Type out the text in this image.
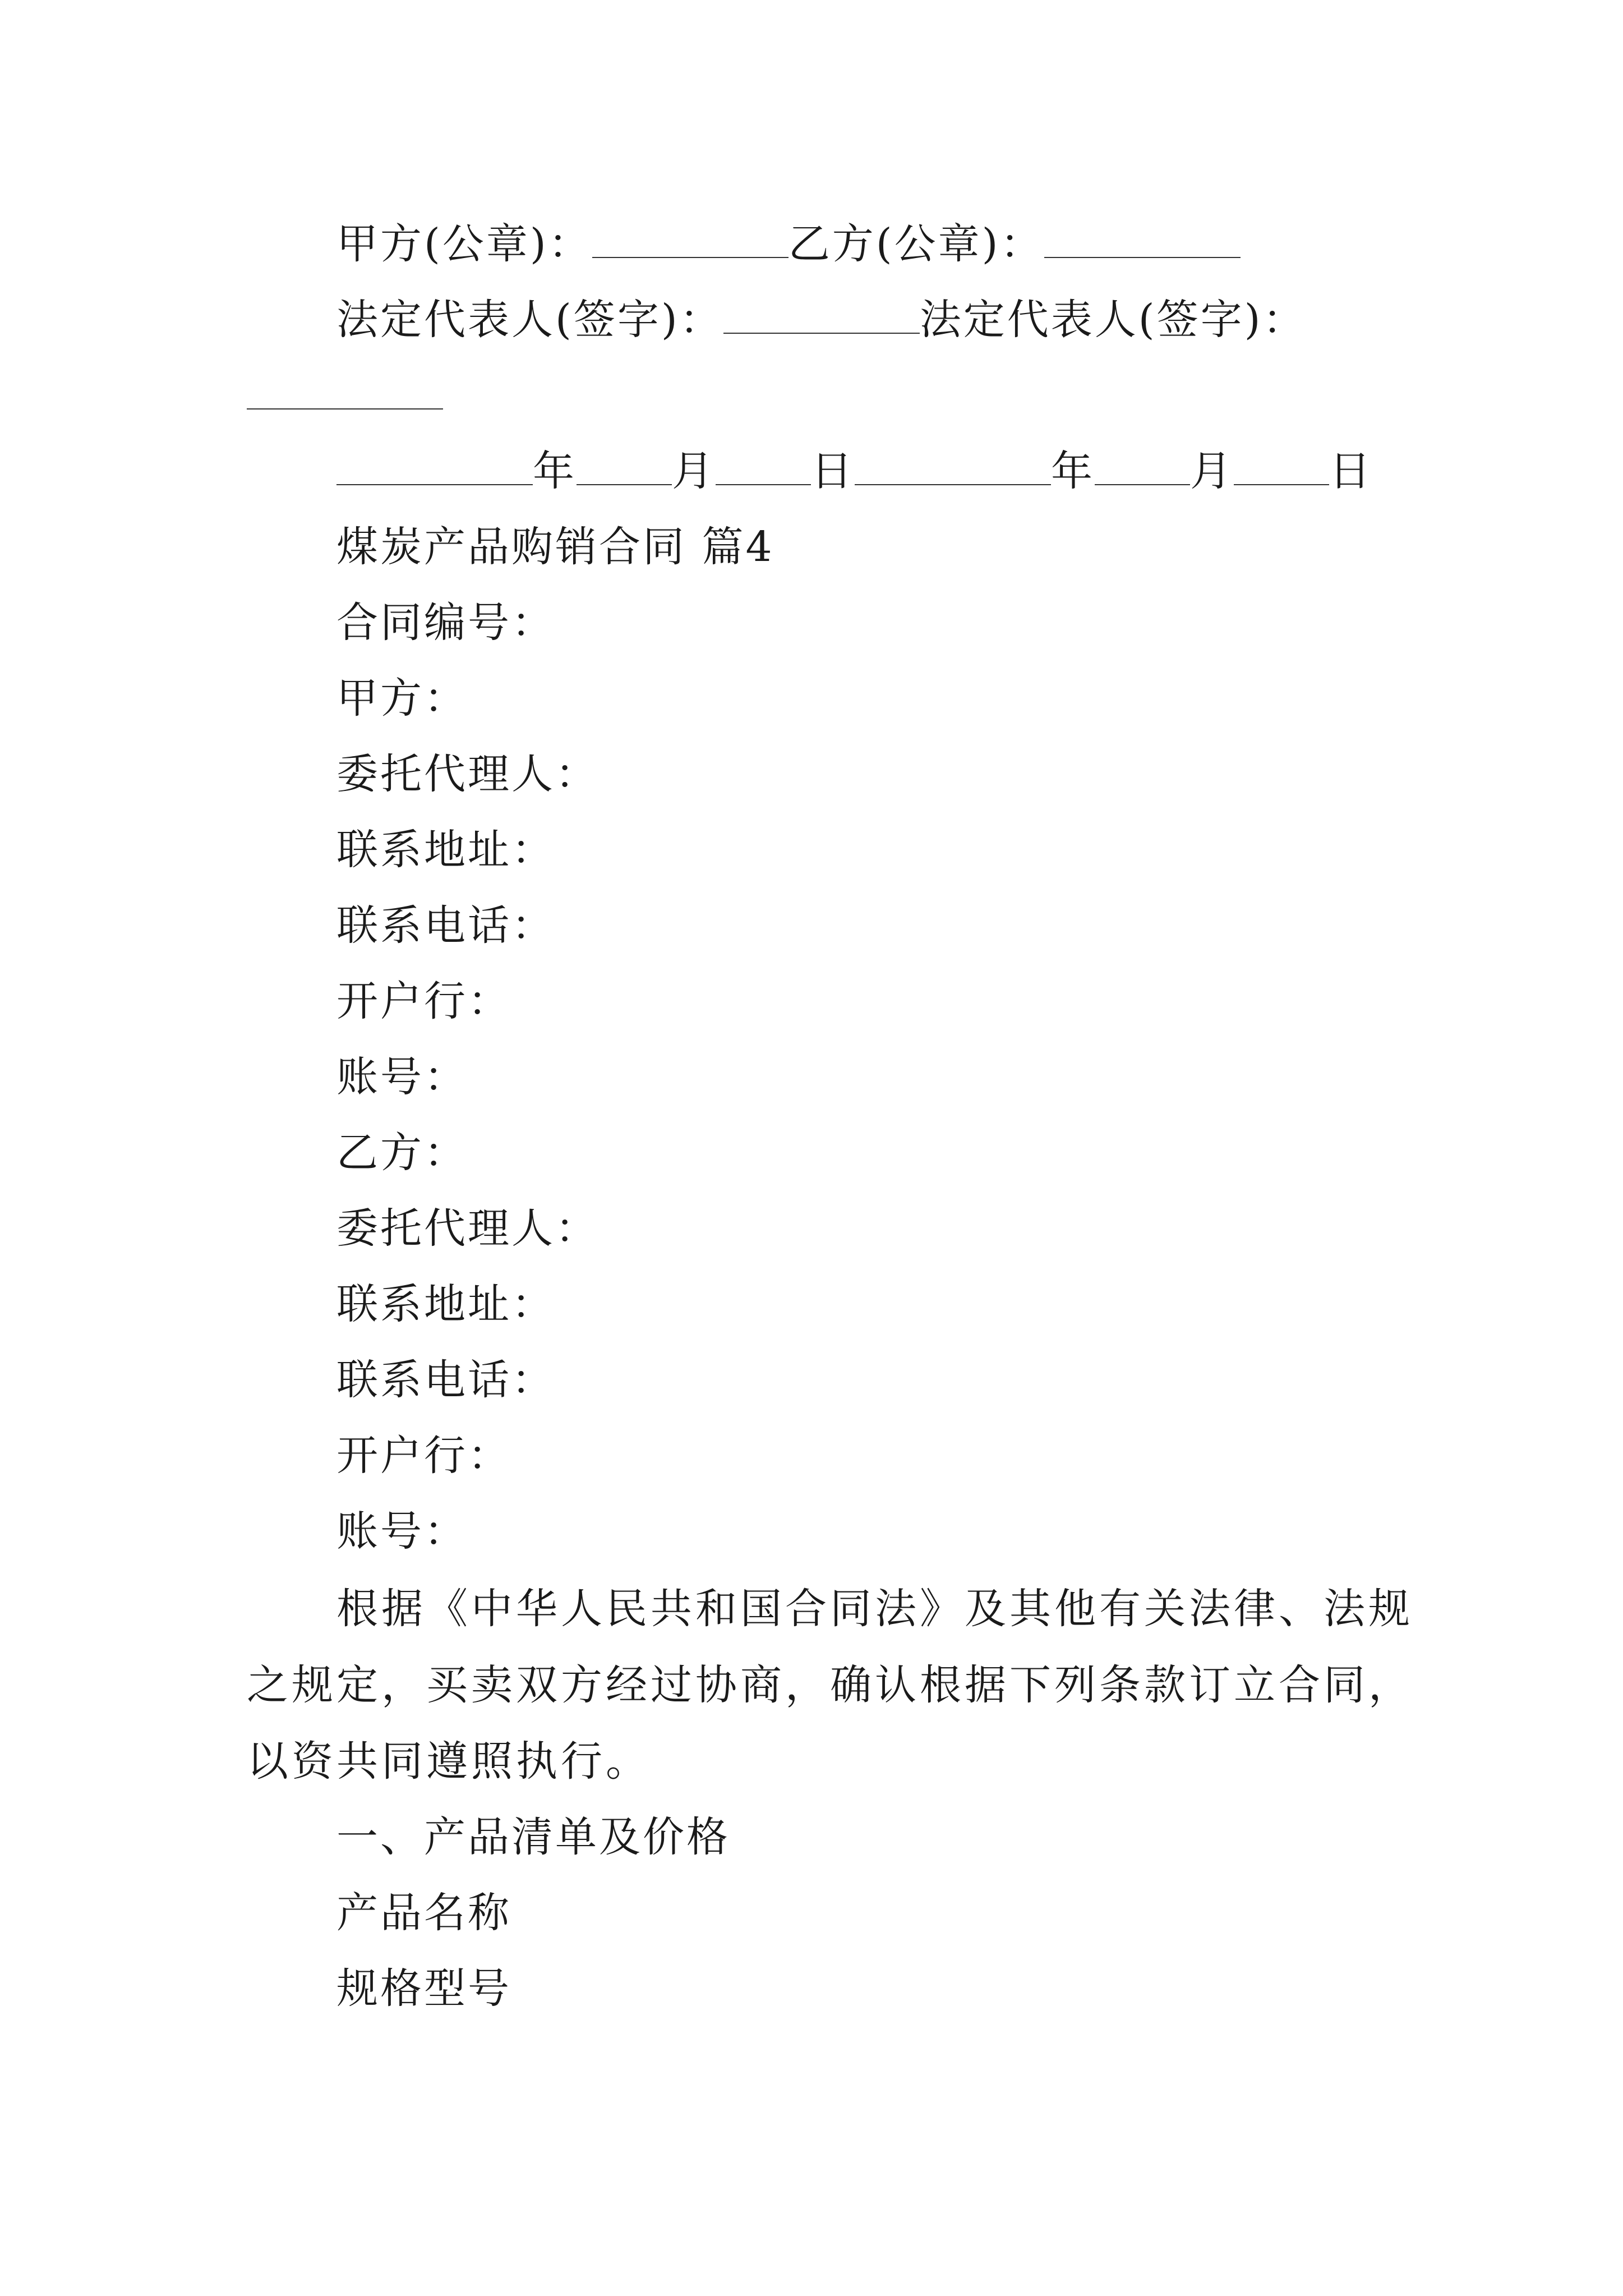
甲方(公章)：	乙方(公章)：
法定代表人(签字)：	法定代表人(签字)：
年 月 日	年 月 日
煤炭产品购销合同 篇4
合同编号：
甲方：
委托代理人：
联系地址：
联系电话：
开户行：
账号：
乙方：
委托代理人：
联系地址：
联系电话：
开户行：
账号：
根据《中华人民共和国合同法》及其他有关法律、法规之规定，买卖双方经过协商，确认根据下列条款订立合同，以资共同遵照执行。
一、产品清单及价格
产品名称
规格型号
